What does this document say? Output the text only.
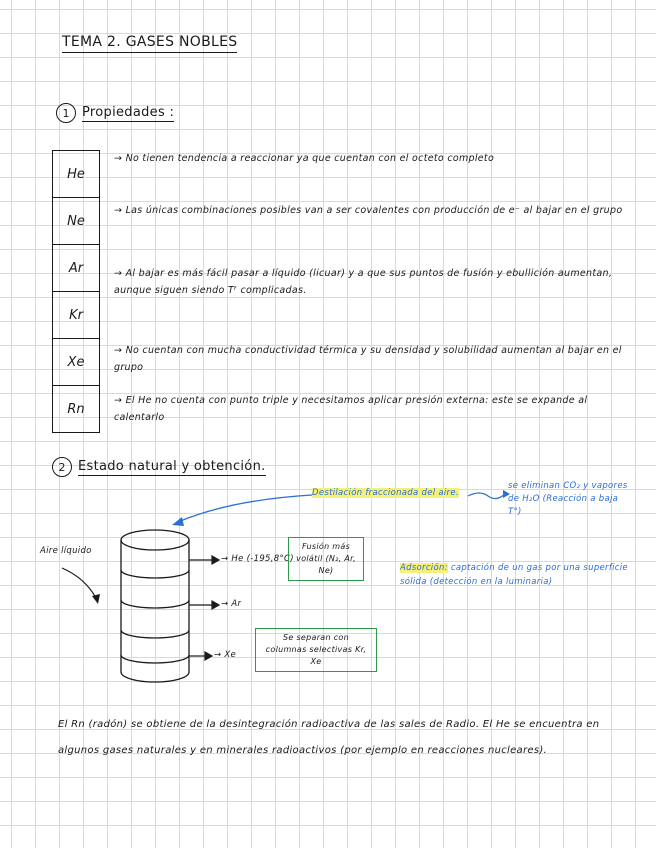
TEMA 2. GASES NOBLES
1 Propiedades :
He
Ne
Ar
Kr
Xe
Rn
→ No tienen tendencia a reaccionar ya que cuentan con el octeto completo
→ Las únicas combinaciones posibles van a ser covalentes con producción de e⁻ al bajar en el grupo
→ Al bajar es más fácil pasar a líquido (licuar) y a que sus puntos de fusión y ebullición aumentan, aunque siguen siendo Tᶠ complicadas.
→ No cuentan con mucha conductividad térmica y su densidad y solubilidad aumentan al bajar en el grupo
→ El He no cuenta con punto triple y necesitamos aplicar presión externa: este se expande al calentarlo
2 Estado natural y obtención.
Aire líquido
→ He (-195,8°C)
→ Ar
→ Xe
Fusión más volátil (N₂, Ar, Ne)
Se separan con columnas selectivas Kr, Xe
Destilación fraccionada del aire.
se eliminan CO₂ y vapores de H₂O (Reacción a baja T°)
Adsorción: captación de un gas por una superficie sólida (detección en la luminaria)
El Rn (radón) se obtiene de la desintegración radioactiva de las sales de Radio. El He se encuentra en algunos gases naturales y en minerales radioactivos (por ejemplo en reacciones nucleares).
